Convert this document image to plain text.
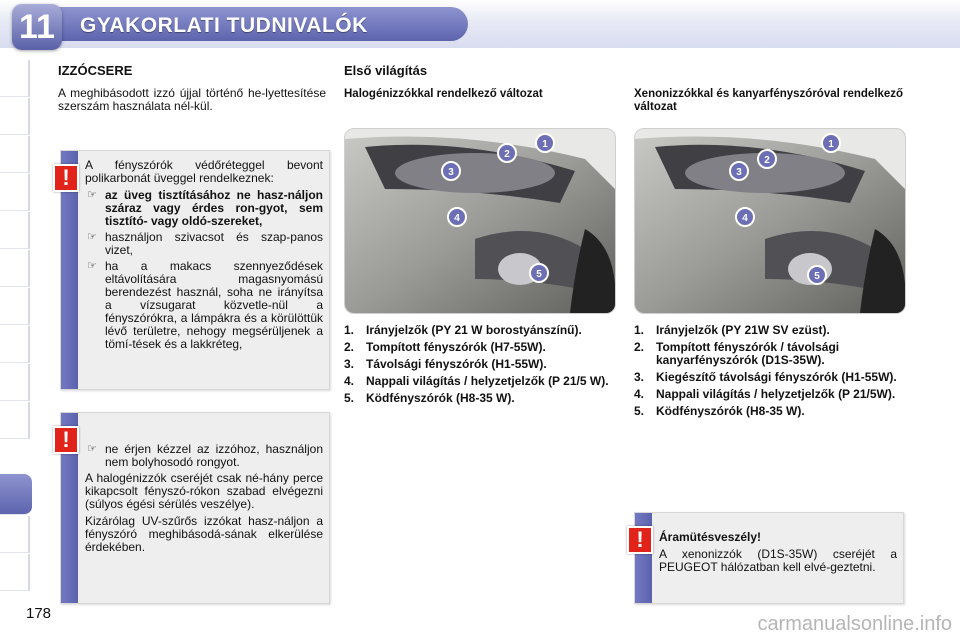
11	GYAKORLATI TUDNIVALÓK
178
IZZÓCSERE

A meghibásodott izzó újjal történő he-lyettesítése szerszám használata nél-kül.

A fényszórók védőréteggel bevont polikarbonát üveggel rendelkeznek:

☞ az üveg tisztításához ne hasz-náljon száraz vagy érdes ron-gyot, sem tisztító- vagy oldó-szereket,
☞ használjon szivacsot és szap-panos vizet,
☞ ha a makacs szennyeződések eltávolítására magasnyomású berendezést használ, soha ne irányítsa a vízsugarat közvetle-nül a fényszórókra, a lámpákra és a körülöttük lévő területre, nehogy megsérüljenek a tömí-tések és a lakkréteg,
!
☞ ne érjen kézzel az izzóhoz, használjon nem bolyhosodó rongyot.

A halogénizzók cseréjét csak né-hány perce kikapcsolt fényszó-rókon szabad elvégezni (súlyos égési sérülés veszélye).

Kizárólag UV-szűrős izzókat hasz-náljon a fényszóró meghibásodá-sának elkerülése érdekében.

!
Első világítás
Halogénizzókkal rendelkező változat	Xenonizzókkal és kanyarfényszóróval rendelkező változat
1
2
3
4
5
1
2
3
4
5
1. Irányjelzők (PY 21 W borostyánszínű).
2. Tompított fényszórók (H7-55W).
3. Távolsági fényszórók (H1-55W).
4. Nappali világítás / helyzetjelzők (P 21/5 W).
5. Ködfényszórók (H8-35 W).
1. Irányjelzők (PY 21W SV ezüst).
2. Tompított fényszórók / távolsági kanyarfényszórók (D1S-35W).
3. Kiegészítő távolsági fényszórók (H1-55W).
4. Nappali világítás / helyzetjelzők (P 21/5W).
5. Ködfényszórók (H8-35 W).

Áramütésveszély!

A xenonizzók (D1S-35W) cseréjét a PEUGEOT hálózatban kell elvé-geztetni.

!
carmanualsonline.info
